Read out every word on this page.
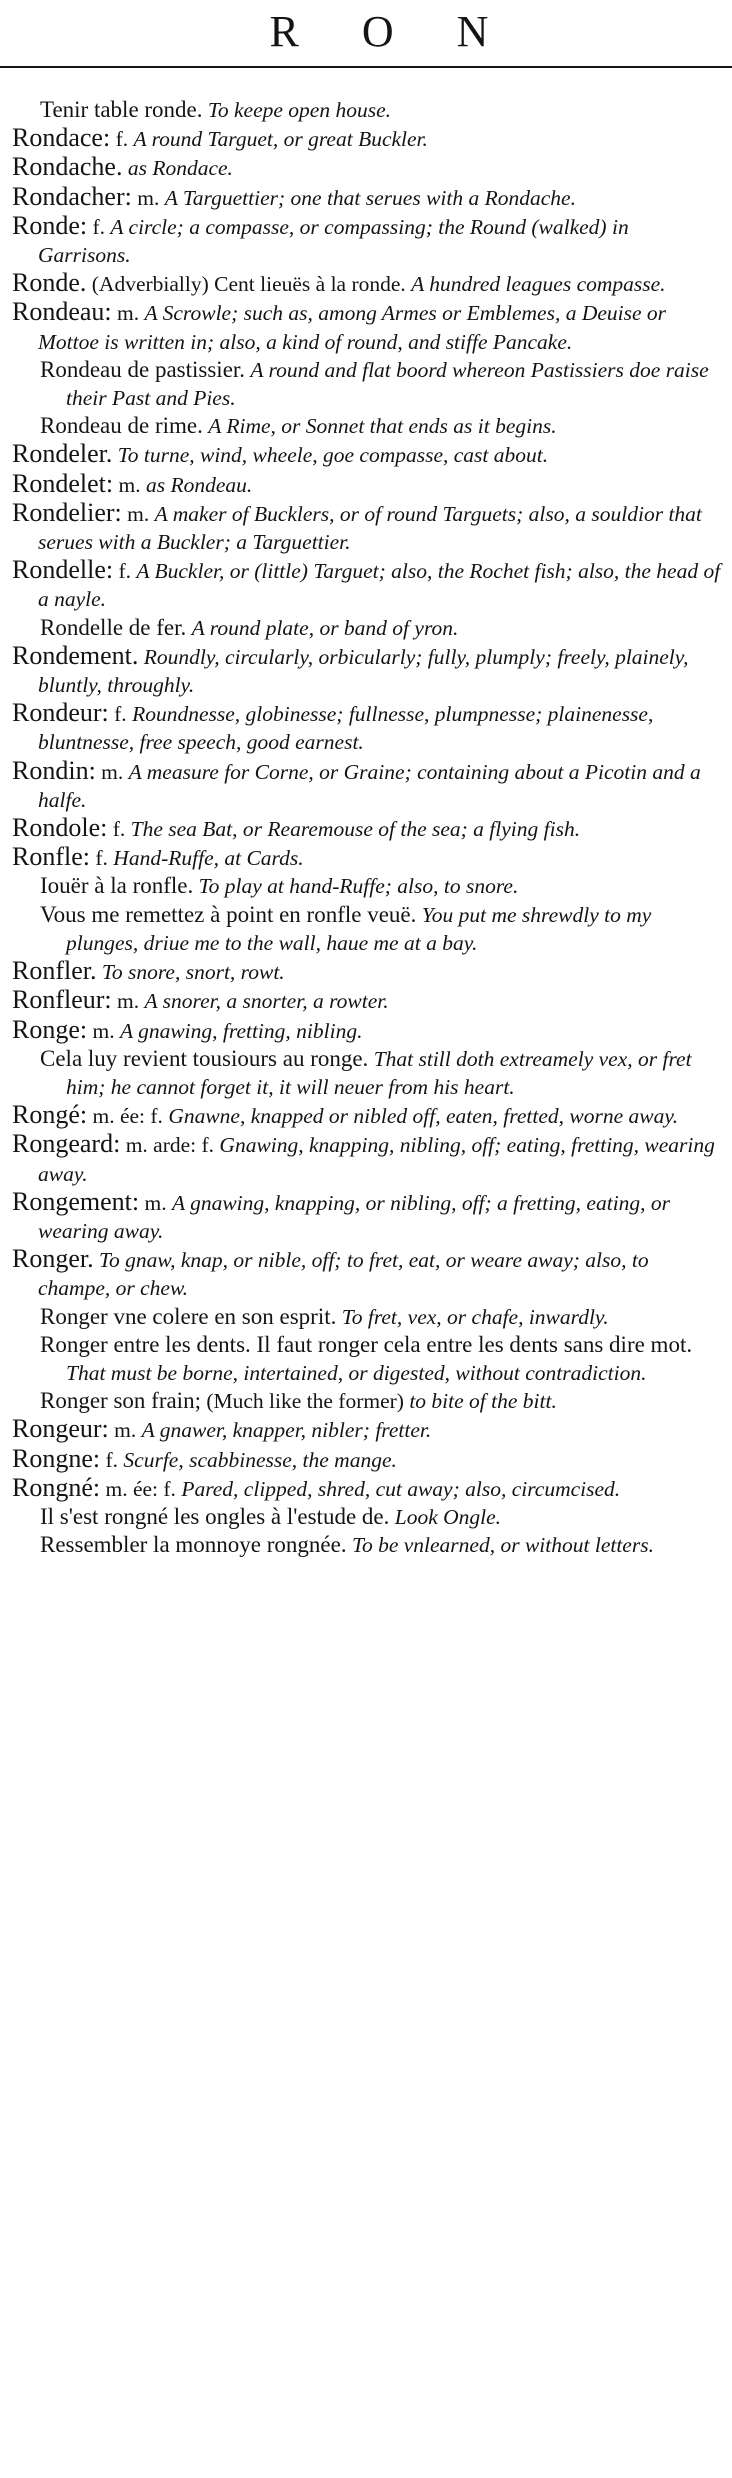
R O N

Tenir table ronde. To keepe open house.

Rondace: f. A round Targuet, or great Buckler.

Rondache. as Rondace.

Rondacher: m. A Targuettier; one that serues with a Rondache.

Ronde: f. A circle; a compasse, or compassing; the Round (walked) in Garrisons.

Ronde. (Adverbially) Cent lieuës à la ronde. A hundred leagues compasse.

Rondeau: m. A Scrowle; such as, among Armes or Emblemes, a Deuise or Mottoe is written in; also, a kind of round, and stiffe Pancake.

Rondeau de pastissier. A round and flat boord whereon Pastissiers doe raise their Past and Pies.

Rondeau de rime. A Rime, or Sonnet that ends as it begins.

Rondeler. To turne, wind, wheele, goe compasse, cast about.

Rondelet: m. as Rondeau.

Rondelier: m. A maker of Bucklers, or of round Targuets; also, a souldior that serues with a Buckler; a Targuettier.

Rondelle: f. A Buckler, or (little) Targuet; also, the Rochet fish; also, the head of a nayle.

Rondelle de fer. A round plate, or band of yron.

Rondement. Roundly, circularly, orbicularly; fully, plumply; freely, plainely, bluntly, throughly.

Rondeur: f. Roundnesse, globinesse; fullnesse, plumpnesse; plainenesse, bluntnesse, free speech, good earnest.

Rondin: m. A measure for Corne, or Graine; containing about a Picotin and a halfe.

Rondole: f. The sea Bat, or Rearemouse of the sea; a flying fish.

Ronfle: f. Hand-Ruffe, at Cards.

Iouër à la ronfle. To play at hand-Ruffe; also, to snore.

Vous me remettez à point en ronfle veuë. You put me shrewdly to my plunges, driue me to the wall, haue me at a bay.

Ronfler. To snore, snort, rowt.

Ronfleur: m. A snorer, a snorter, a rowter.

Ronge: m. A gnawing, fretting, nibling.

Cela luy revient tousiours au ronge. That still doth extreamely vex, or fret him; he cannot forget it, it will neuer from his heart.

Rongé: m. ée: f. Gnawne, knapped or nibled off, eaten, fretted, worne away.

Rongeard: m. arde: f. Gnawing, knapping, nibling, off; eating, fretting, wearing away.

Rongement: m. A gnawing, knapping, or nibling, off; a fretting, eating, or wearing away.

Ronger. To gnaw, knap, or nible, off; to fret, eat, or weare away; also, to champe, or chew.

Ronger vne colere en son esprit. To fret, vex, or chafe, inwardly.

Ronger entre les dents. Il faut ronger cela entre les dents sans dire mot. That must be borne, intertained, or digested, without contradiction.

Ronger son frain; (Much like the former) to bite of the bitt.

Rongeur: m. A gnawer, knapper, nibler; fretter.

Rongne: f. Scurfe, scabbinesse, the mange.

Rongné: m. ée: f. Pared, clipped, shred, cut away; also, circumcised.

Il s'est rongné les ongles à l'estude de. Look Ongle.

Ressembler la monnoye rongnée. To be vnlearned, or without letters.
